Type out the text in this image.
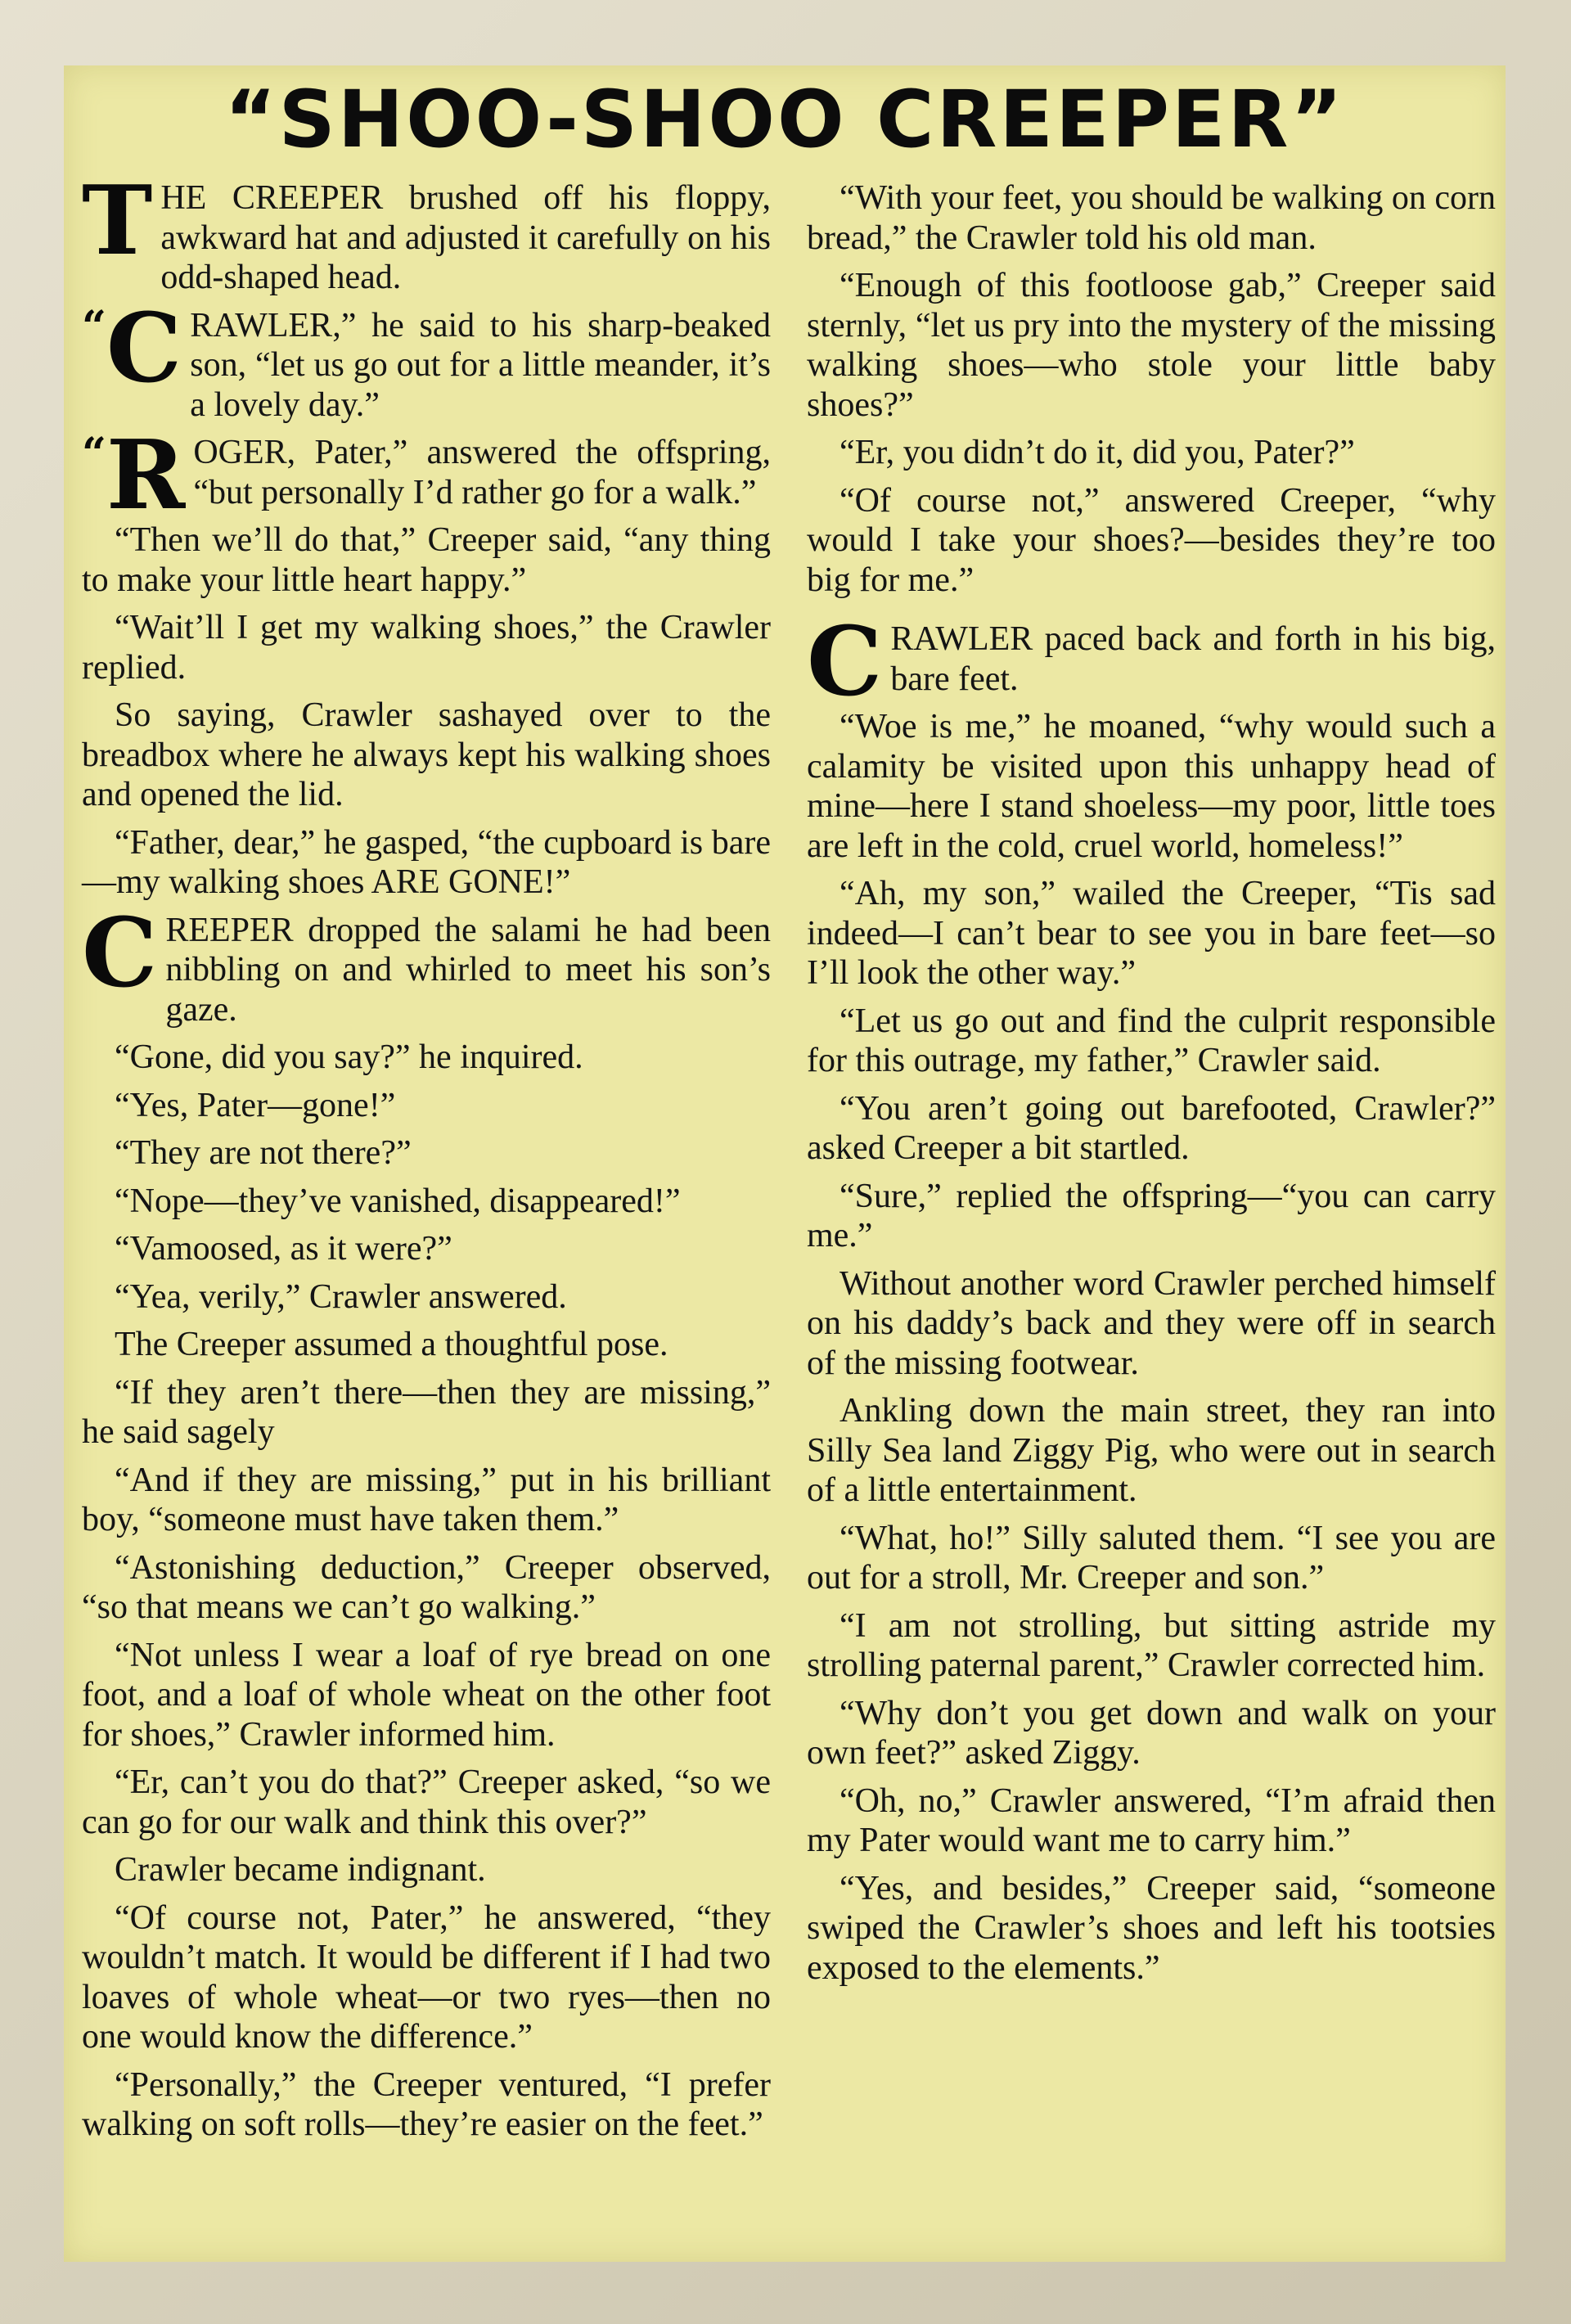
“SHOO-SHOO CREEPER”

THE CREEPER brushed off his floppy, awkward hat and adjusted it carefully on his odd-shaped head.

“C RAWLER,” he said to his sharp-beaked son, “let us go out for a little meander, it’s a lovely day.”

“R OGER, Pater,” answered the offspring, “but personally I’d rather go for a walk.”

“Then we’ll do that,” Creeper said, “any thing to make your little heart happy.”

“Wait’ll I get my walking shoes,” the Crawler replied.

So saying, Crawler sashayed over to the breadbox where he always kept his walking shoes and opened the lid.

“Father, dear,” he gasped, “the cupboard is bare—my walking shoes ARE GONE!”

CREEPER dropped the salami he had been nibbling on and whirled to meet his son’s gaze.

“Gone, did you say?” he inquired.

“Yes, Pater—gone!”

“They are not there?”

“Nope—they’ve vanished, disappeared!”

“Vamoosed, as it were?”

“Yea, verily,” Crawler answered.

The Creeper assumed a thoughtful pose.

“If they aren’t there—then they are missing,” he said sagely

“And if they are missing,” put in his brilliant boy, “someone must have taken them.”

“Astonishing deduction,” Creeper observed, “so that means we can’t go walking.”

“Not unless I wear a loaf of rye bread on one foot, and a loaf of whole wheat on the other foot for shoes,” Crawler informed him.

“Er, can’t you do that?” Creeper asked, “so we can go for our walk and think this over?”

Crawler became indignant.

“Of course not, Pater,” he answered, “they wouldn’t match. It would be different if I had two loaves of whole wheat—or two ryes—then no one would know the difference.”

“Personally,” the Creeper ventured, “I prefer walking on soft rolls—they’re easier on the feet.”

“With your feet, you should be walking on corn bread,” the Crawler told his old man.

“Enough of this footloose gab,” Creeper said sternly, “let us pry into the mystery of the missing walking shoes—who stole your little baby shoes?”

“Er, you didn’t do it, did you, Pater?”

“Of course not,” answered Creeper, “why would I take your shoes?—besides they’re too big for me.”

CRAWLER paced back and forth in his big, bare feet.

“Woe is me,” he moaned, “why would such a calamity be visited upon this unhappy head of mine—here I stand shoeless—my poor, little toes are left in the cold, cruel world, homeless!”

“Ah, my son,” wailed the Creeper, “Tis sad indeed—I can’t bear to see you in bare feet—so I’ll look the other way.”

“Let us go out and find the culprit responsible for this outrage, my father,” Crawler said.

“You aren’t going out barefooted, Crawler?” asked Creeper a bit startled.

“Sure,” replied the offspring—“you can carry me.”

Without another word Crawler perched himself on his daddy’s back and they were off in search of the missing footwear.

Ankling down the main street, they ran into Silly Sea land Ziggy Pig, who were out in search of a little entertainment.

“What, ho!” Silly saluted them. “I see you are out for a stroll, Mr. Creeper and son.”

“I am not strolling, but sitting astride my strolling paternal parent,” Crawler corrected him.

“Why don’t you get down and walk on your own feet?” asked Ziggy.

“Oh, no,” Crawler answered, “I’m afraid then my Pater would want me to carry him.”

“Yes, and besides,” Creeper said, “someone swiped the Crawler’s shoes and left his tootsies exposed to the elements.”
